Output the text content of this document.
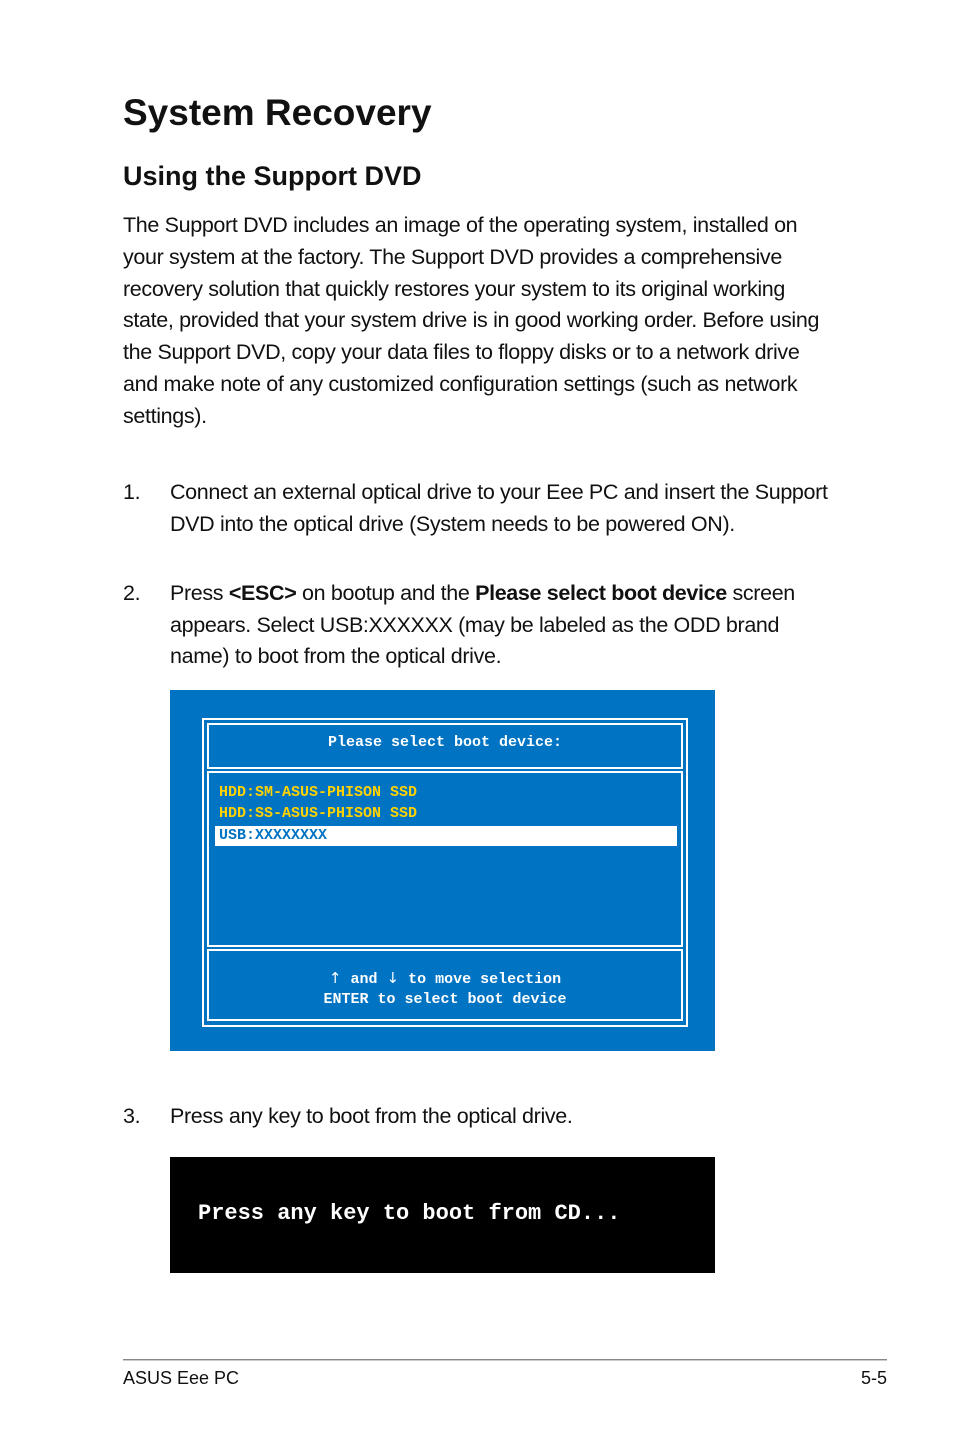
System Recovery
Using the Support DVD

The Support DVD includes an image of the operating system, installed on your system at the factory. The Support DVD provides a comprehensive recovery solution that quickly restores your system to its original working state, provided that your system drive is in good working order. Before using the Support DVD, copy your data files to floppy disks or to a network drive and make note of any customized configuration settings (such as network settings).

1. Connect an external optical drive to your Eee PC and insert the Support DVD into the optical drive (System needs to be powered ON).
2. Press <ESC> on bootup and the Please select boot device screen appears. Select USB:XXXXXX (may be labeled as the ODD brand name) to boot from the optical drive.
Please select boot device:
HDD:SM-ASUS-PHISON SSD
HDD:SS-ASUS-PHISON SSD
USB:XXXXXXXX
↑ and ↓ to move selection
ENTER to select boot device
3. Press any key to boot from the optical drive.
Press any key to boot from CD...
ASUS Eee PC	5-5
